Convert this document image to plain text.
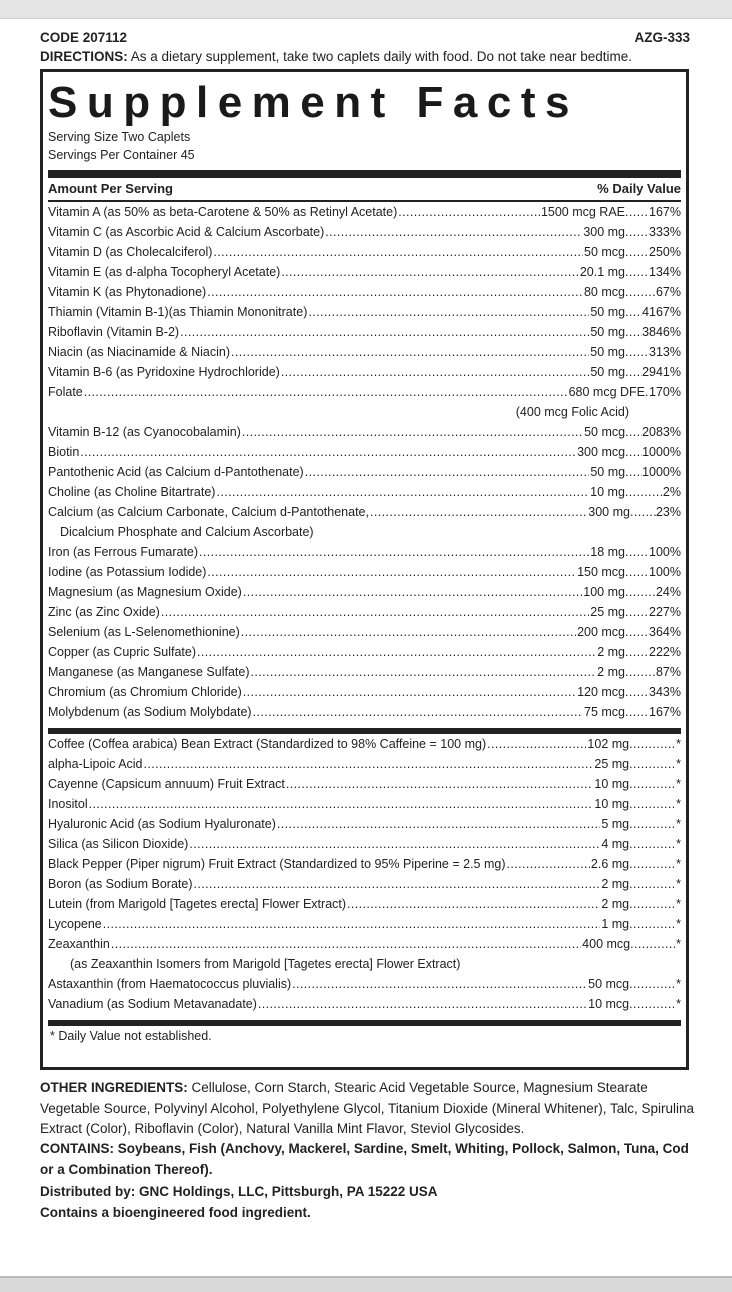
CODE 207112	AZG-333
DIRECTIONS: As a dietary supplement, take two caplets daily with food. Do not take near bedtime.
Supplement Facts
Serving Size Two Caplets
Servings Per Container 45
Amount Per Serving	% Daily Value
Vitamin A (as 50% as beta-Carotene & 50% as Retinyl Acetate) .....	1500 mcg RAE ..... 167%
Vitamin C (as Ascorbic Acid & Calcium Ascorbate) .....	300 mg ..... 333%
Vitamin D (as Cholecalciferol) .....	50 mcg ..... 250%
Vitamin E (as d-alpha Tocopheryl Acetate) .....	20.1 mg ..... 134%
Vitamin K (as Phytonadione) .....	80 mcg ..... 67%
Thiamin (Vitamin B-1)(as Thiamin Mononitrate) .....	50 mg ..... 4167%
Riboflavin (Vitamin B-2) .....	50 mg ..... 3846%
Niacin (as Niacinamide & Niacin) .....	50 mg ..... 313%
Vitamin B-6 (as Pyridoxine Hydrochloride) .....	50 mg ..... 2941%
Folate .....	680 mcg DFE ..... 170%
(400 mcg Folic Acid)
Vitamin B-12 (as Cyanocobalamin) .....	50 mcg ..... 2083%
Biotin .....	300 mcg ..... 1000%
Pantothenic Acid (as Calcium d-Pantothenate) .....	50 mg ..... 1000%
Choline (as Choline Bitartrate) .....	10 mg .....	2%
Calcium (as Calcium Carbonate, Calcium d-Pantothenate, .....	300 mg ..... 23%
Dicalcium Phosphate and Calcium Ascorbate)
Iron (as Ferrous Fumarate) .....	18 mg ..... 100%
Iodine (as Potassium Iodide) .....	150 mcg ..... 100%
Magnesium (as Magnesium Oxide) .....	100 mg ..... 24%
Zinc (as Zinc Oxide) .....	25 mg ..... 227%
Selenium (as L-Selenomethionine) .....	200 mcg ..... 364%
Copper (as Cupric Sulfate) .....	2 mg ..... 222%
Manganese (as Manganese Sulfate) .....	2 mg ..... 87%
Chromium (as Chromium Chloride) .....	120 mcg ..... 343%
Molybdenum (as Sodium Molybdate) .....	75 mcg ..... 167%
Coffee (Coffea arabica) Bean Extract (Standardized to 98% Caffeine = 100 mg) .....	102 mg .....	*
alpha-Lipoic Acid .....	25 mg .....	*
Cayenne (Capsicum annuum) Fruit Extract .....	10 mg .....	*
Inositol .....	10 mg .....	*
Hyaluronic Acid (as Sodium Hyaluronate) .....	5 mg .....	*
Silica (as Silicon Dioxide) .....	4 mg .....	*
Black Pepper (Piper nigrum) Fruit Extract (Standardized to 95% Piperine = 2.5 mg) .....	2.6 mg .....	*
Boron (as Sodium Borate) .....	2 mg .....	*
Lutein (from Marigold [Tagetes erecta] Flower Extract) .....	2 mg .....	*
Lycopene .....	1 mg .....	*
Zeaxanthin .....	400 mcg .....	*
(as Zeaxanthin Isomers from Marigold [Tagetes erecta] Flower Extract)
Astaxanthin (from Haematococcus pluvialis) .....	50 mcg .....	*
Vanadium (as Sodium Metavanadate) .....	10 mcg .....	*
* Daily Value not established.
OTHER INGREDIENTS: Cellulose, Corn Starch, Stearic Acid Vegetable Source, Magnesium Stearate Vegetable Source, Polyvinyl Alcohol, Polyethylene Glycol, Titanium Dioxide (Mineral Whitener), Talc, Spirulina Extract (Color), Riboflavin (Color), Natural Vanilla Mint Flavor, Steviol Glycosides.
CONTAINS: Soybeans, Fish (Anchovy, Mackerel, Sardine, Smelt, Whiting, Pollock, Salmon, Tuna, Cod or a Combination Thereof).
Distributed by: GNC Holdings, LLC, Pittsburgh, PA 15222 USA
Contains a bioengineered food ingredient.
